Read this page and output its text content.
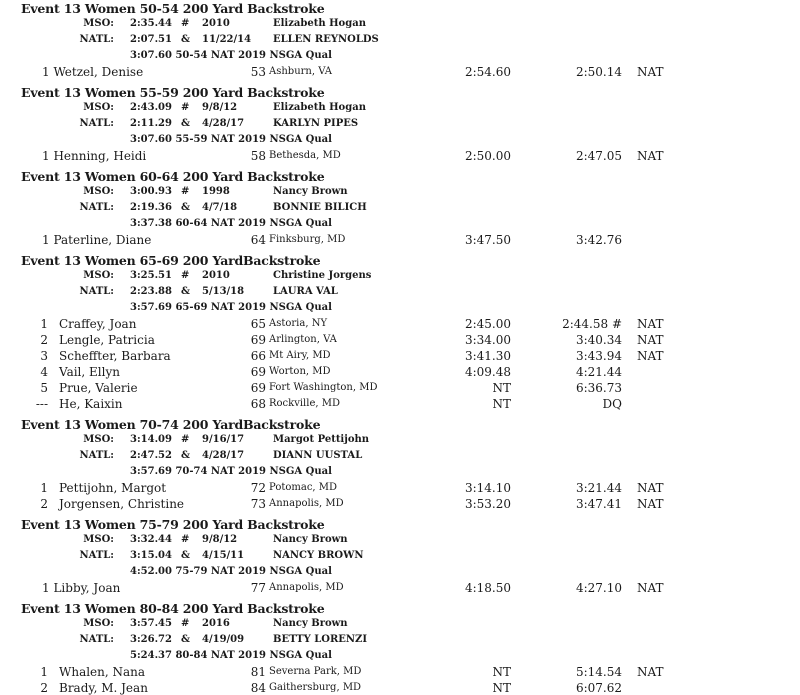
Event 13 Women 50-54 200 Yard Backstroke
MSO: 2:35.44 # 2010	Elizabeth Hogan
NATL: 2:07.51 & 11/22/14 ELLEN REYNOLDS
3:07.60 50-54 NAT 2019 NSGA Qual
1 Wetzel, Denise	53 Ashburn, VA	2:54.60	2:50.14 NAT
Event 13 Women 55-59 200 Yard Backstroke
MSO: 2:43.09 # 9/8/12	Elizabeth Hogan
NATL: 2:11.29 & 4/28/17	KARLYN PIPES
3:07.60 55-59 NAT 2019 NSGA Qual
1 Henning, Heidi	58 Bethesda, MD	2:50.00	2:47.05 NAT
Event 13 Women 60-64 200 Yard Backstroke
MSO: 3:00.93 # 1998	Nancy Brown
NATL: 2:19.36 & 4/7/18	BONNIE BILICH
3:37.38 60-64 NAT 2019 NSGA Qual
1 Paterline, Diane	64 Finksburg, MD	3:47.50	3:42.76
Event 13 Women 65-69 200 YardBackstroke
MSO: 3:25.51 # 2010	Christine Jorgens
NATL: 2:23.88 & 5/13/18	LAURA VAL
3:57.69 65-69 NAT 2019 NSGA Qual
1 Craffey, Joan	65 Astoria, NY	2:45.00	2:44.58 # NAT
2 Lengle, Patricia	69 Arlington, VA	3:34.00	3:40.34 NAT
3 Scheffter, Barbara	66 Mt Airy, MD	3:41.30	3:43.94 NAT
4 Vail, Ellyn	69 Worton, MD	4:09.48	4:21.44
5 Prue, Valerie	69 Fort Washington, MD	NT	6:36.73
--- He, Kaixin	68 Rockville, MD	NT	DQ
Event 13 Women 70-74 200 YardBackstroke
MSO: 3:14.09 # 9/16/17	Margot Pettijohn
NATL: 2:47.52 & 4/28/17	DIANN UUSTAL
3:57.69 70-74 NAT 2019 NSGA Qual
1 Pettijohn, Margot	72 Potomac, MD	3:14.10	3:21.44 NAT
2 Jorgensen, Christine	73 Annapolis, MD	3:53.20	3:47.41 NAT
Event 13 Women 75-79 200 Yard Backstroke
MSO: 3:32.44 # 9/8/12	Nancy Brown
NATL: 3:15.04 & 4/15/11	NANCY BROWN
4:52.00 75-79 NAT 2019 NSGA Qual
1 Libby, Joan	77 Annapolis, MD	4:18.50	4:27.10 NAT
Event 13 Women 80-84 200 Yard Backstroke
MSO: 3:57.45 # 2016	Nancy Brown
NATL: 3:26.72 & 4/19/09	BETTY LORENZI
5:24.37 80-84 NAT 2019 NSGA Qual
1 Whalen, Nana	81 Severna Park, MD	NT	5:14.54 NAT
2 Brady, M. Jean	84 Gaithersburg, MD	NT	6:07.62
